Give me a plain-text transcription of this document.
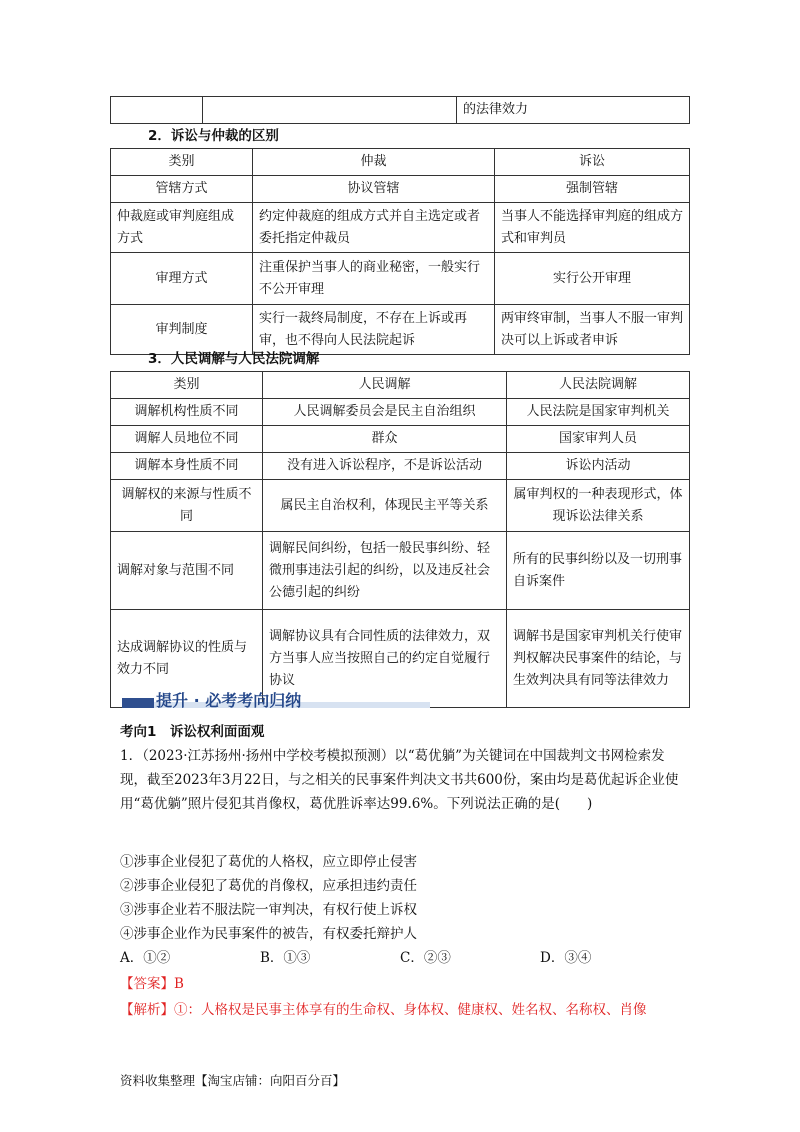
		的法律效力
2．诉讼与仲裁的区别
类别	仲裁	诉讼
管辖方式	协议管辖	强制管辖
仲裁庭或审判庭组成方式	约定仲裁庭的组成方式并自主选定或者委托指定仲裁员	当事人不能选择审判庭的组成方式和审判员
审理方式	注重保护当事人的商业秘密，一般实行不公开审理	实行公开审理
审判制度	实行一裁终局制度，不存在上诉或再审，也不得向人民法院起诉	两审终审制，当事人不服一审判决可以上诉或者申诉
3．人民调解与人民法院调解
类别	人民调解	人民法院调解
调解机构性质不同	人民调解委员会是民主自治组织	人民法院是国家审判机关
调解人员地位不同	群众	国家审判人员
调解本身性质不同	没有进入诉讼程序，不是诉讼活动	诉讼内活动
调解权的来源与性质不同	属民主自治权利，体现民主平等关系	属审判权的一种表现形式，体现诉讼法律关系
调解对象与范围不同	调解民间纠纷，包括一般民事纠纷、轻微刑事违法引起的纠纷，以及违反社会公德引起的纠纷	所有的民事纠纷以及一切刑事自诉案件
达成调解协议的性质与效力不同	调解协议具有合同性质的法律效力，双方当事人应当按照自己的约定自觉履行协议	调解书是国家审判机关行使审判权解决民事案件的结论，与生效判决具有同等法律效力
提升 · 必考考向归纳
考向1　诉讼权利面面观
1．（2023·江苏扬州·扬州中学校考模拟预测）以“葛优躺”为关键词在中国裁判文书网检索发现，截至2023年3月22日，与之相关的民事案件判决文书共600份，案由均是葛优起诉企业使用“葛优躺”照片侵犯其肖像权，葛优胜诉率达99.6%。下列说法正确的是(　　)
①涉事企业侵犯了葛优的人格权，应立即停止侵害
②涉事企业侵犯了葛优的肖像权，应承担违约责任
③涉事企业若不服法院一审判决，有权行使上诉权
④涉事企业作为民事案件的被告，有权委托辩护人
A．①②	B．①③	C．②③	D．③④
【答案】B
【解析】①：人格权是民事主体享有的生命权、身体权、健康权、姓名权、名称权、肖像
资料收集整理【淘宝店铺：向阳百分百】
